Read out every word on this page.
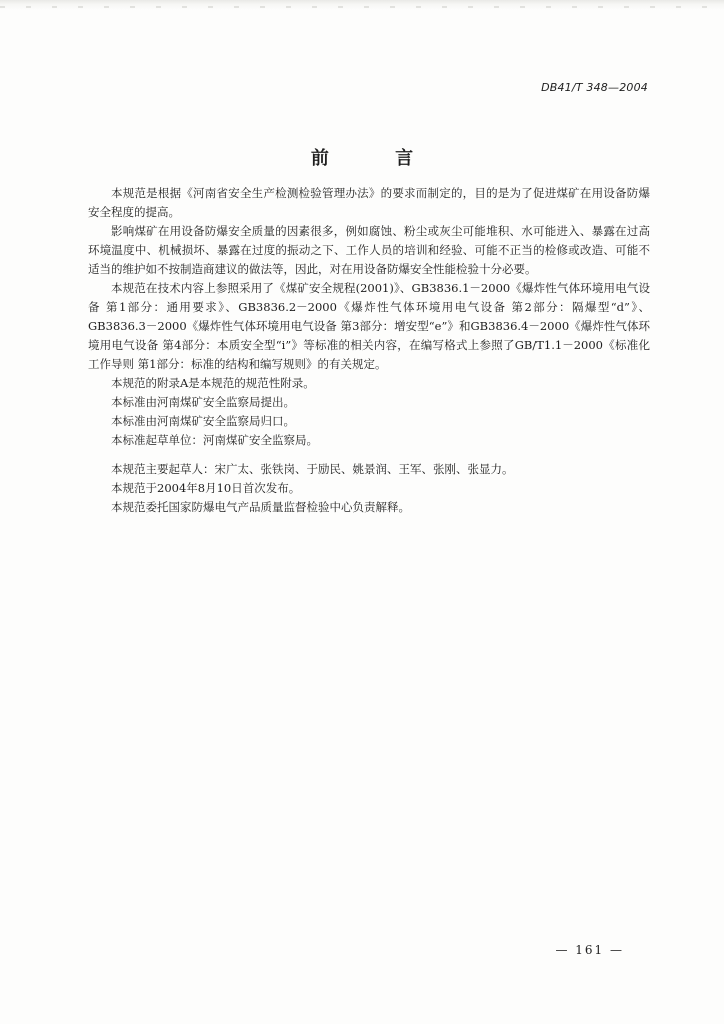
DB41/T 348—2004
前 言

本规范是根据《河南省安全生产检测检验管理办法》的要求而制定的，目的是为了促进煤矿在用设备防爆安全程度的提高。

影响煤矿在用设备防爆安全质量的因素很多，例如腐蚀、粉尘或灰尘可能堆积、水可能进入、暴露在过高环境温度中、机械损坏、暴露在过度的振动之下、工作人员的培训和经验、可能不正当的检修或改造、可能不适当的维护如不按制造商建议的做法等，因此，对在用设备防爆安全性能检验十分必要。

本规范在技术内容上参照采用了《煤矿安全规程(2001)》、GB3836.1－2000《爆炸性气体环境用电气设备 第1部分：通用要求》、GB3836.2－2000《爆炸性气体环境用电气设备 第2部分：隔爆型“d”》、GB3836.3－2000《爆炸性气体环境用电气设备 第3部分：增安型“e”》和GB3836.4－2000《爆炸性气体环境用电气设备 第4部分：本质安全型“i”》等标准的相关内容，在编写格式上参照了GB/T1.1－2000《标准化工作导则 第1部分：标准的结构和编写规则》的有关规定。

本规范的附录A是本规范的规范性附录。

本标准由河南煤矿安全监察局提出。

本标准由河南煤矿安全监察局归口。

本标准起草单位：河南煤矿安全监察局。

本规范主要起草人：宋广太、张铁岗、于励民、姚景润、王军、张刚、张显力。

本规范于2004年8月10日首次发布。

本规范委托国家防爆电气产品质量监督检验中心负责解释。

— 161 —
